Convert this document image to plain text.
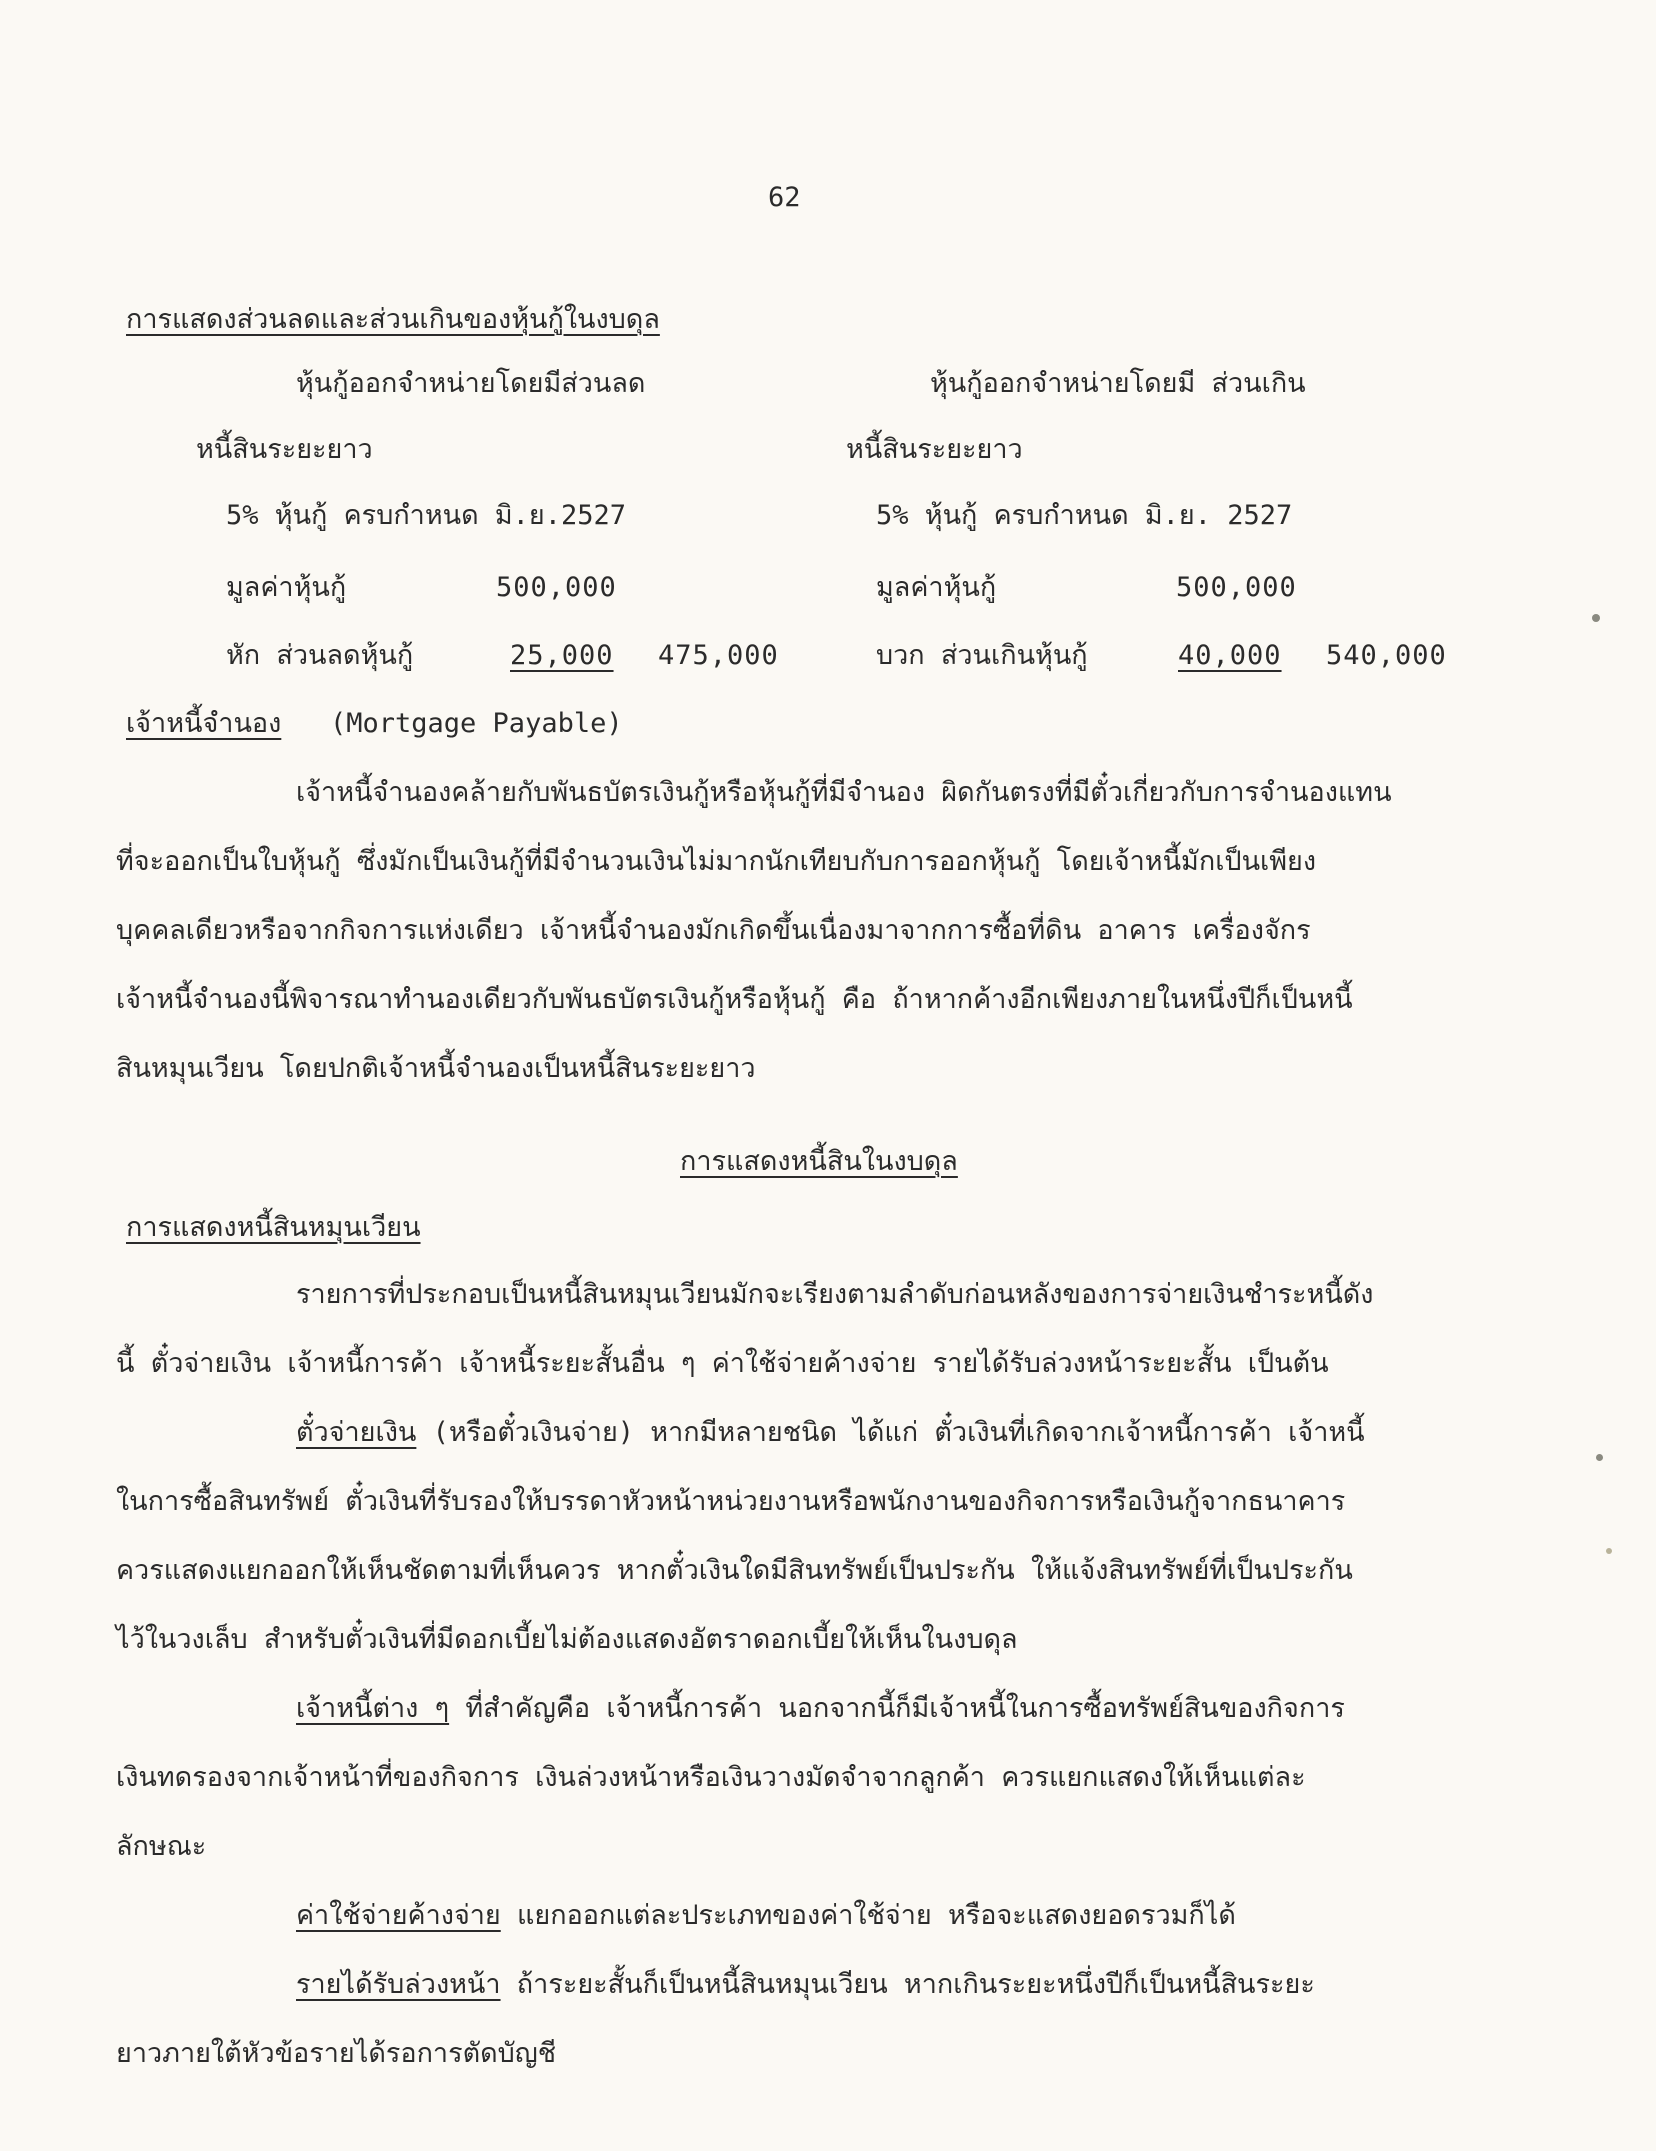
62
การแสดงส่วนลดและส่วนเกินของหุ้นกู้ในงบดุล
หุ้นกู้ออกจำหน่ายโดยมีส่วนลด
หนี้สินระยะยาว
5% หุ้นกู้ ครบกำหนด มิ.ย.2527
มูลค่าหุ้นกู้	500,000
หัก ส่วนลดหุ้นกู้	25,000 475,000
หุ้นกู้ออกจำหน่ายโดยมี ส่วนเกิน
หนี้สินระยะยาว
5% หุ้นกู้ ครบกำหนด มิ.ย. 2527
มูลค่าหุ้นกู้	500,000
บวก ส่วนเกินหุ้นกู้	40,000 540,000
เจ้าหนี้จำนอง (Mortgage Payable)
เจ้าหนี้จำนองคล้ายกับพันธบัตรเงินกู้หรือหุ้นกู้ที่มีจำนอง ผิดกันตรงที่มีตั๋วเกี่ยวกับการจำนองแทน
ที่จะออกเป็นใบหุ้นกู้ ซึ่งมักเป็นเงินกู้ที่มีจำนวนเงินไม่มากนักเทียบกับการออกหุ้นกู้ โดยเจ้าหนี้มักเป็นเพียง
บุคคลเดียวหรือจากกิจการแห่งเดียว เจ้าหนี้จำนองมักเกิดขึ้นเนื่องมาจากการซื้อที่ดิน อาคาร เครื่องจักร
เจ้าหนี้จำนองนี้พิจารณาทำนองเดียวกับพันธบัตรเงินกู้หรือหุ้นกู้ คือ ถ้าหากค้างอีกเพียงภายในหนึ่งปีก็เป็นหนี้
สินหมุนเวียน โดยปกติเจ้าหนี้จำนองเป็นหนี้สินระยะยาว
การแสดงหนี้สินในงบดุล
การแสดงหนี้สินหมุนเวียน
รายการที่ประกอบเป็นหนี้สินหมุนเวียนมักจะเรียงตามลำดับก่อนหลังของการจ่ายเงินชำระหนี้ดัง
นี้ ตั๋วจ่ายเงิน เจ้าหนี้การค้า เจ้าหนี้ระยะสั้นอื่น ๆ ค่าใช้จ่ายค้างจ่าย รายได้รับล่วงหน้าระยะสั้น เป็นต้น
ตั๋วจ่ายเงิน (หรือตั๋วเงินจ่าย) หากมีหลายชนิด ได้แก่ ตั๋วเงินที่เกิดจากเจ้าหนี้การค้า เจ้าหนี้
ในการซื้อสินทรัพย์ ตั๋วเงินที่รับรองให้บรรดาหัวหน้าหน่วยงานหรือพนักงานของกิจการหรือเงินกู้จากธนาคาร
ควรแสดงแยกออกให้เห็นชัดตามที่เห็นควร หากตั๋วเงินใดมีสินทรัพย์เป็นประกัน ให้แจ้งสินทรัพย์ที่เป็นประกัน
ไว้ในวงเล็บ สำหรับตั๋วเงินที่มีดอกเบี้ยไม่ต้องแสดงอัตราดอกเบี้ยให้เห็นในงบดุล
เจ้าหนี้ต่าง ๆ ที่สำคัญคือ เจ้าหนี้การค้า นอกจากนี้ก็มีเจ้าหนี้ในการซื้อทรัพย์สินของกิจการ
เงินทดรองจากเจ้าหน้าที่ของกิจการ เงินล่วงหน้าหรือเงินวางมัดจำจากลูกค้า ควรแยกแสดงให้เห็นแต่ละ
ลักษณะ
ค่าใช้จ่ายค้างจ่าย แยกออกแต่ละประเภทของค่าใช้จ่าย หรือจะแสดงยอดรวมก็ได้
รายได้รับล่วงหน้า ถ้าระยะสั้นก็เป็นหนี้สินหมุนเวียน หากเกินระยะหนึ่งปีก็เป็นหนี้สินระยะ
ยาวภายใต้หัวข้อรายได้รอการตัดบัญชี
